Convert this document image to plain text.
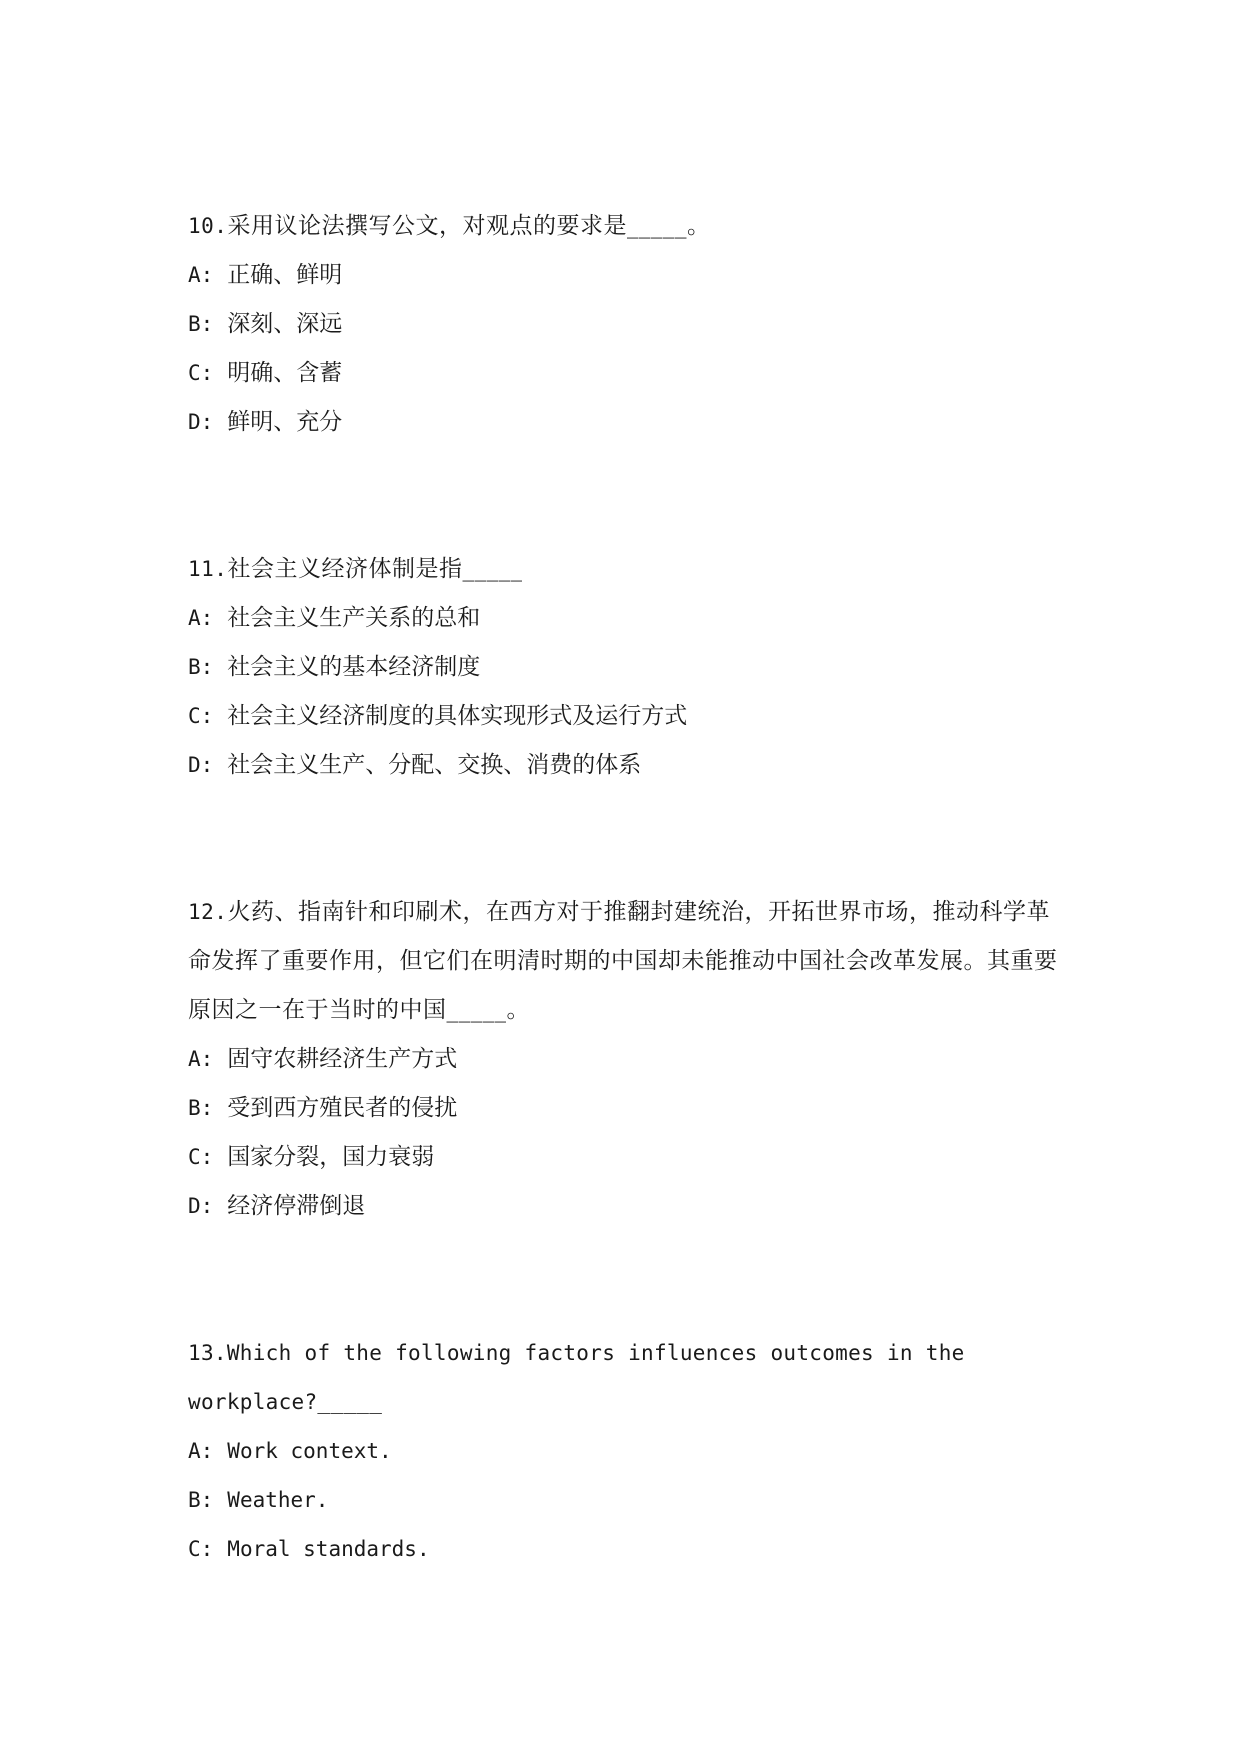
10.采用议论法撰写公文，对观点的要求是_____。

A: 正确、鲜明

B: 深刻、深远

C: 明确、含蓄

D: 鲜明、充分

11.社会主义经济体制是指_____

A: 社会主义生产关系的总和

B: 社会主义的基本经济制度

C: 社会主义经济制度的具体实现形式及运行方式

D: 社会主义生产、分配、交换、消费的体系

12.火药、指南针和印刷术，在西方对于推翻封建统治，开拓世界市场，推动科学革命发挥了重要作用，但它们在明清时期的中国却未能推动中国社会改革发展。其重要原因之一在于当时的中国_____。

A: 固守农耕经济生产方式

B: 受到西方殖民者的侵扰

C: 国家分裂，国力衰弱

D: 经济停滞倒退

13.Which of the following factors influences outcomes in the workplace?_____

A: Work context.

B: Weather.

C: Moral standards.
